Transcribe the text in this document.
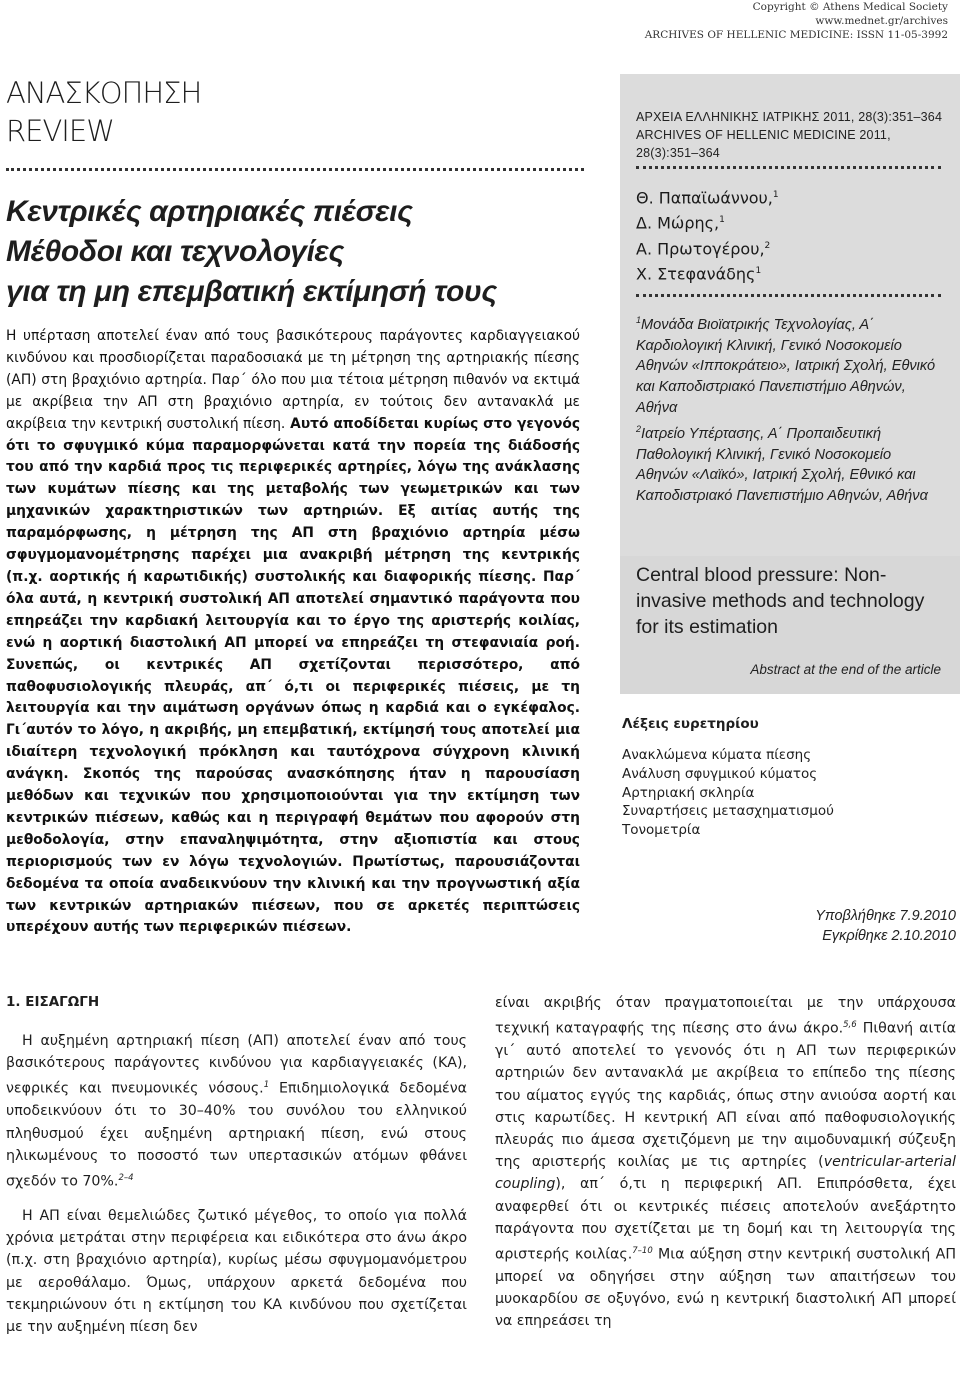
Copyright © Athens Medical Society
www.mednet.gr/archives
ARCHIVES OF HELLENIC MEDICINE: ISSN 11-05-3992
ΑΝΑΣΚΟΠΗΣΗ
REVIEW
Κεντρικές αρτηριακές πιέσεις
Μέθοδοι και τεχνολογίες
για τη μη επεμβατική εκτίμησή τους
Η υπέρταση αποτελεί έναν από τους βασικότερους παράγοντες καρδιαγγειακού κινδύνου και προσδιορίζεται παραδοσιακά με τη μέτρηση της αρτηριακής πίεσης (ΑΠ) στη βραχιόνιο αρτηρία. Παρ΄ όλο που μια τέτοια μέτρηση πιθανόν να εκτιμά με ακρίβεια την ΑΠ στη βραχιόνιο αρτηρία, εν τούτοις δεν αντανακλά με ακρίβεια την κεντρική συστολική πίεση. Αυτό αποδίδεται κυρίως στο γεγονός ότι το σφυγμικό κύμα παραμορφώνεται κατά την πορεία της διάδοσής του από την καρδιά προς τις περιφερικές αρτηρίες, λόγω της ανάκλασης των κυμάτων πίεσης και της μεταβολής των γεωμετρικών και των μηχανικών χαρακτηριστικών των αρτηριών. Εξ αιτίας αυτής της παραμόρφωσης, η μέτρηση της ΑΠ στη βραχιόνιο αρτηρία μέσω σφυγμομανομέτρησης παρέχει μια ανακριβή μέτρηση της κεντρικής (π.χ. αορτικής ή καρωτιδικής) συστολικής και διαφορικής πίεσης. Παρ΄ όλα αυτά, η κεντρική συστολική ΑΠ αποτελεί σημαντικό παράγοντα που επηρεάζει την καρδιακή λειτουργία και το έργο της αριστερής κοιλίας, ενώ η αορτική διαστολική ΑΠ μπορεί να επηρεάζει τη στεφανιαία ροή. Συνεπώς, οι κεντρικές ΑΠ σχετίζονται περισσότερο, από παθοφυσιολογικής πλευράς, απ΄ ό,τι οι περιφερικές πιέσεις, με τη λειτουργία και την αιμάτωση οργάνων όπως η καρδιά και ο εγκέφαλος. Γι΄αυτόν το λόγο, η ακριβής, μη επεμβατική, εκτίμησή τους αποτελεί μια ιδιαίτερη τεχνολογική πρόκληση και ταυτόχρονα σύγχρονη κλινική ανάγκη. Σκοπός της παρούσας ανασκόπησης ήταν η παρουσίαση μεθόδων και τεχνικών που χρησιμοποιούνται για την εκτίμηση των κεντρικών πιέσεων, καθώς και η περιγραφή θεμάτων που αφορούν στη μεθοδολογία, στην επαναληψιμότητα, στην αξιοπιστία και στους περιορισμούς των εν λόγω τεχνολογιών. Πρωτίστως, παρουσιάζονται δεδομένα τα οποία αναδεικνύουν την κλινική και την προγνωστική αξία των κεντρικών αρτηριακών πιέσεων, που σε αρκετές περιπτώσεις υπερέχουν αυτής των περιφερικών πιέσεων.
ΑΡΧΕΙΑ ΕΛΛΗΝΙΚΗΣ ΙΑΤΡΙΚΗΣ 2011, 28(3):351–364
ARCHIVES OF HELLENIC MEDICINE 2011, 28(3):351–364
Θ. Παπαϊωάννου,$^1$
Δ. Μώρης,$^1$
Α. Πρωτογέρου,$^2$
Χ. Στεφανάδης$^1$
$^1$Μονάδα Βιοϊατρικής Τεχνολογίας, Α΄ Καρδιολογική Κλινική, Γενικό Νοσοκομείο Αθηνών «Ιπποκράτειο», Ιατρική Σχολή, Εθνικό και Καποδιστριακό Πανεπιστήμιο Αθηνών, Αθήνα
$^2$Ιατρείο Υπέρτασης, Α΄ Προπαιδευτική Παθολογική Κλινική, Γενικό Νοσοκομείο Αθηνών «Λαϊκό», Ιατρική Σχολή, Εθνικό και Καποδιστριακό Πανεπιστήμιο Αθηνών, Αθήνα
Central blood pressure: Non-invasive methods and technology for its estimation
Abstract at the end of the article
Λέξεις ευρετηρίου
Ανακλώμενα κύματα πίεσης
Ανάλυση σφυγμικού κύματος
Αρτηριακή σκληρία
Συναρτήσεις μετασχηματισμού
Τονομετρία
Υποβλήθηκε 7.9.2010
Εγκρίθηκε 2.10.2010
1. ΕΙΣΑΓΩΓΗ

Η αυξημένη αρτηριακή πίεση (ΑΠ) αποτελεί έναν από τους βασικότερους παράγοντες κινδύνου για καρδιαγγειακές (ΚΑ), νεφρικές και πνευμονικές νόσους.$^1$ Επιδημιολογικά δεδομένα υποδεικνύουν ότι το 30–40% του συνόλου του ελληνικού πληθυσμού έχει αυξημένη αρτηριακή πίεση, ενώ στους ηλικωμένους το ποσοστό των υπερτασικών ατόμων φθάνει σχεδόν το 70%.$^{2-4}$

Η ΑΠ είναι θεμελιώδες ζωτικό μέγεθος, το οποίο για πολλά χρόνια μετράται στην περιφέρεια και ειδικότερα στο άνω άκρο (π.χ. στη βραχιόνιο αρτηρία), κυρίως μέσω σφυγμομανόμετρου με αεροθάλαμο. Όμως, υπάρχουν αρκετά δεδομένα που τεκμηριώνουν ότι η εκτίμηση του ΚΑ κινδύνου που σχετίζεται με την αυξημένη πίεση δεν

είναι ακριβής όταν πραγματοποιείται με την υπάρχουσα τεχνική καταγραφής της πίεσης στο άνω άκρο.$^{5,6}$ Πιθανή αιτία γι΄ αυτό αποτελεί το γενονός ότι η ΑΠ των περιφερικών αρτηριών δεν αντανακλά με ακρίβεια το επίπεδο της πίεσης του αίματος εγγύς της καρδιάς, όπως στην ανιούσα αορτή και στις καρωτίδες. Η κεντρική ΑΠ είναι από παθοφυσιολογικής πλευράς πιο άμεσα σχετιζόμενη με την αιμοδυναμική σύζευξη της αριστερής κοιλίας με τις αρτηρίες (ventricular-arterial coupling), απ΄ ό,τι η περιφερική ΑΠ. Επιπρόσθετα, έχει αναφερθεί ότι οι κεντρικές πιέσεις αποτελούν ανεξάρτητο παράγοντα που σχετίζεται με τη δομή και τη λειτουργία της αριστερής κοιλίας.$^{7-10}$ Μια αύξηση στην κεντρική συστολική ΑΠ μπορεί να οδηγήσει στην αύξηση των απαιτήσεων του μυοκαρδίου σε οξυγόνο, ενώ η κεντρική διαστολική ΑΠ μπορεί να επηρεάσει τη
